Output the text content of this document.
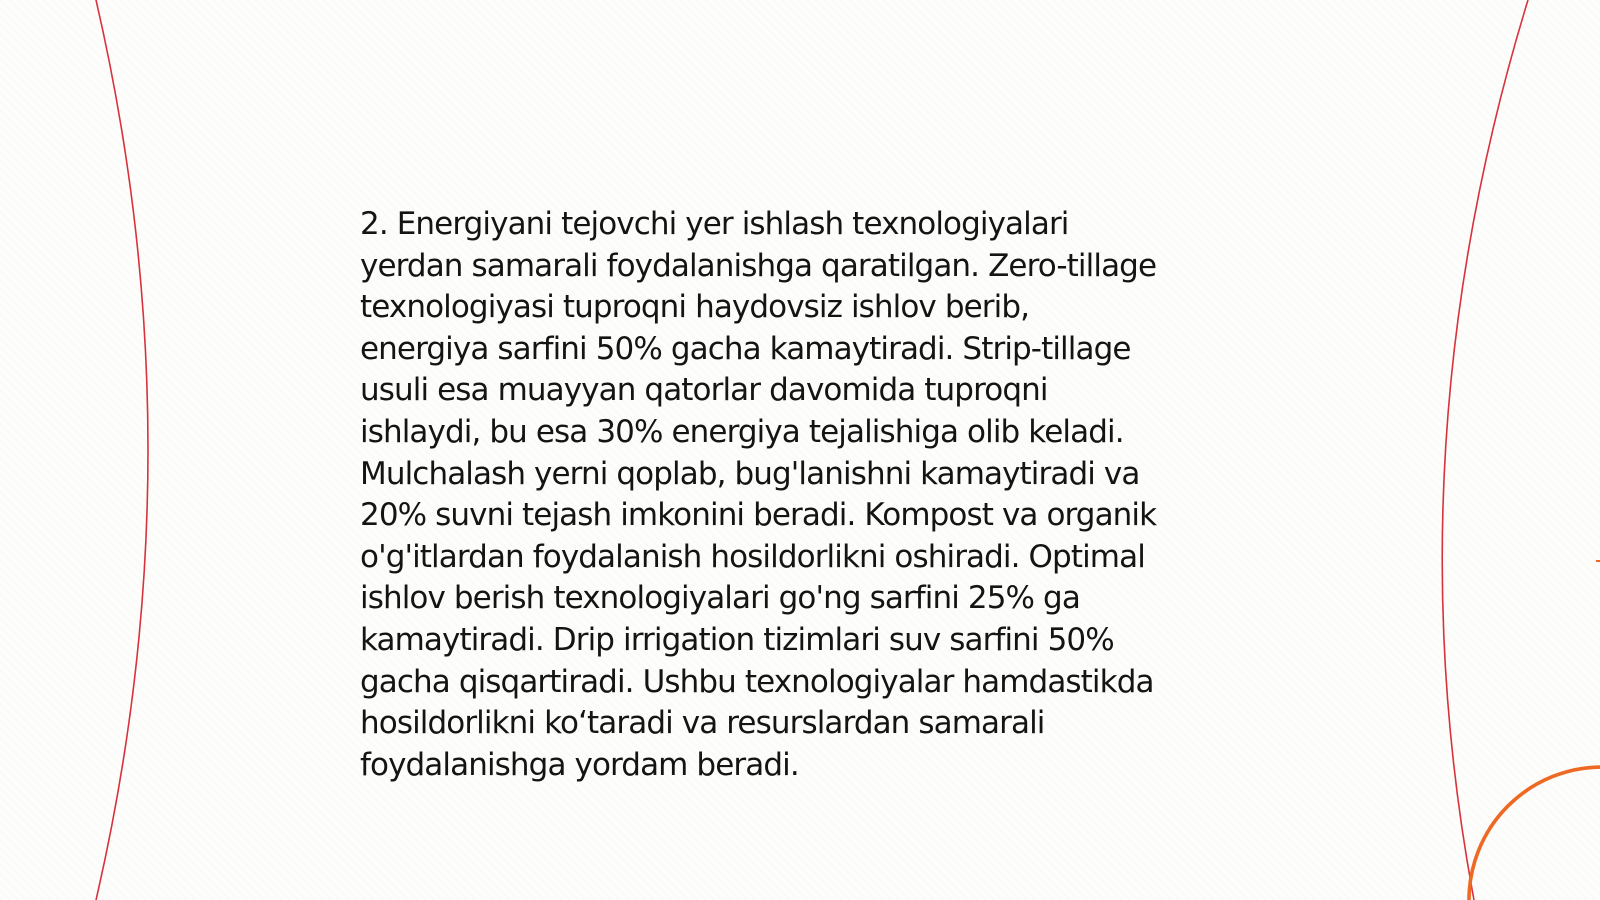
2. Energiyani tejovchi yer ishlash texnologiyalari
yerdan samarali foydalanishga qaratilgan. Zero-tillage
texnologiyasi tuproqni haydovsiz ishlov berib,
energiya sarfini 50% gacha kamaytiradi. Strip-tillage
usuli esa muayyan qatorlar davomida tuproqni
ishlaydi, bu esa 30% energiya tejalishiga olib keladi.
Mulchalash yerni qoplab, bug'lanishni kamaytiradi va
20% suvni tejash imkonini beradi. Kompost va organik
o'g'itlardan foydalanish hosildorlikni oshiradi. Optimal
ishlov berish texnologiyalari go'ng sarfini 25% ga
kamaytiradi. Drip irrigation tizimlari suv sarfini 50%
gacha qisqartiradi. Ushbu texnologiyalar hamdastikda
hosildorlikni ko‘taradi va resurslardan samarali
foydalanishga yordam beradi.
